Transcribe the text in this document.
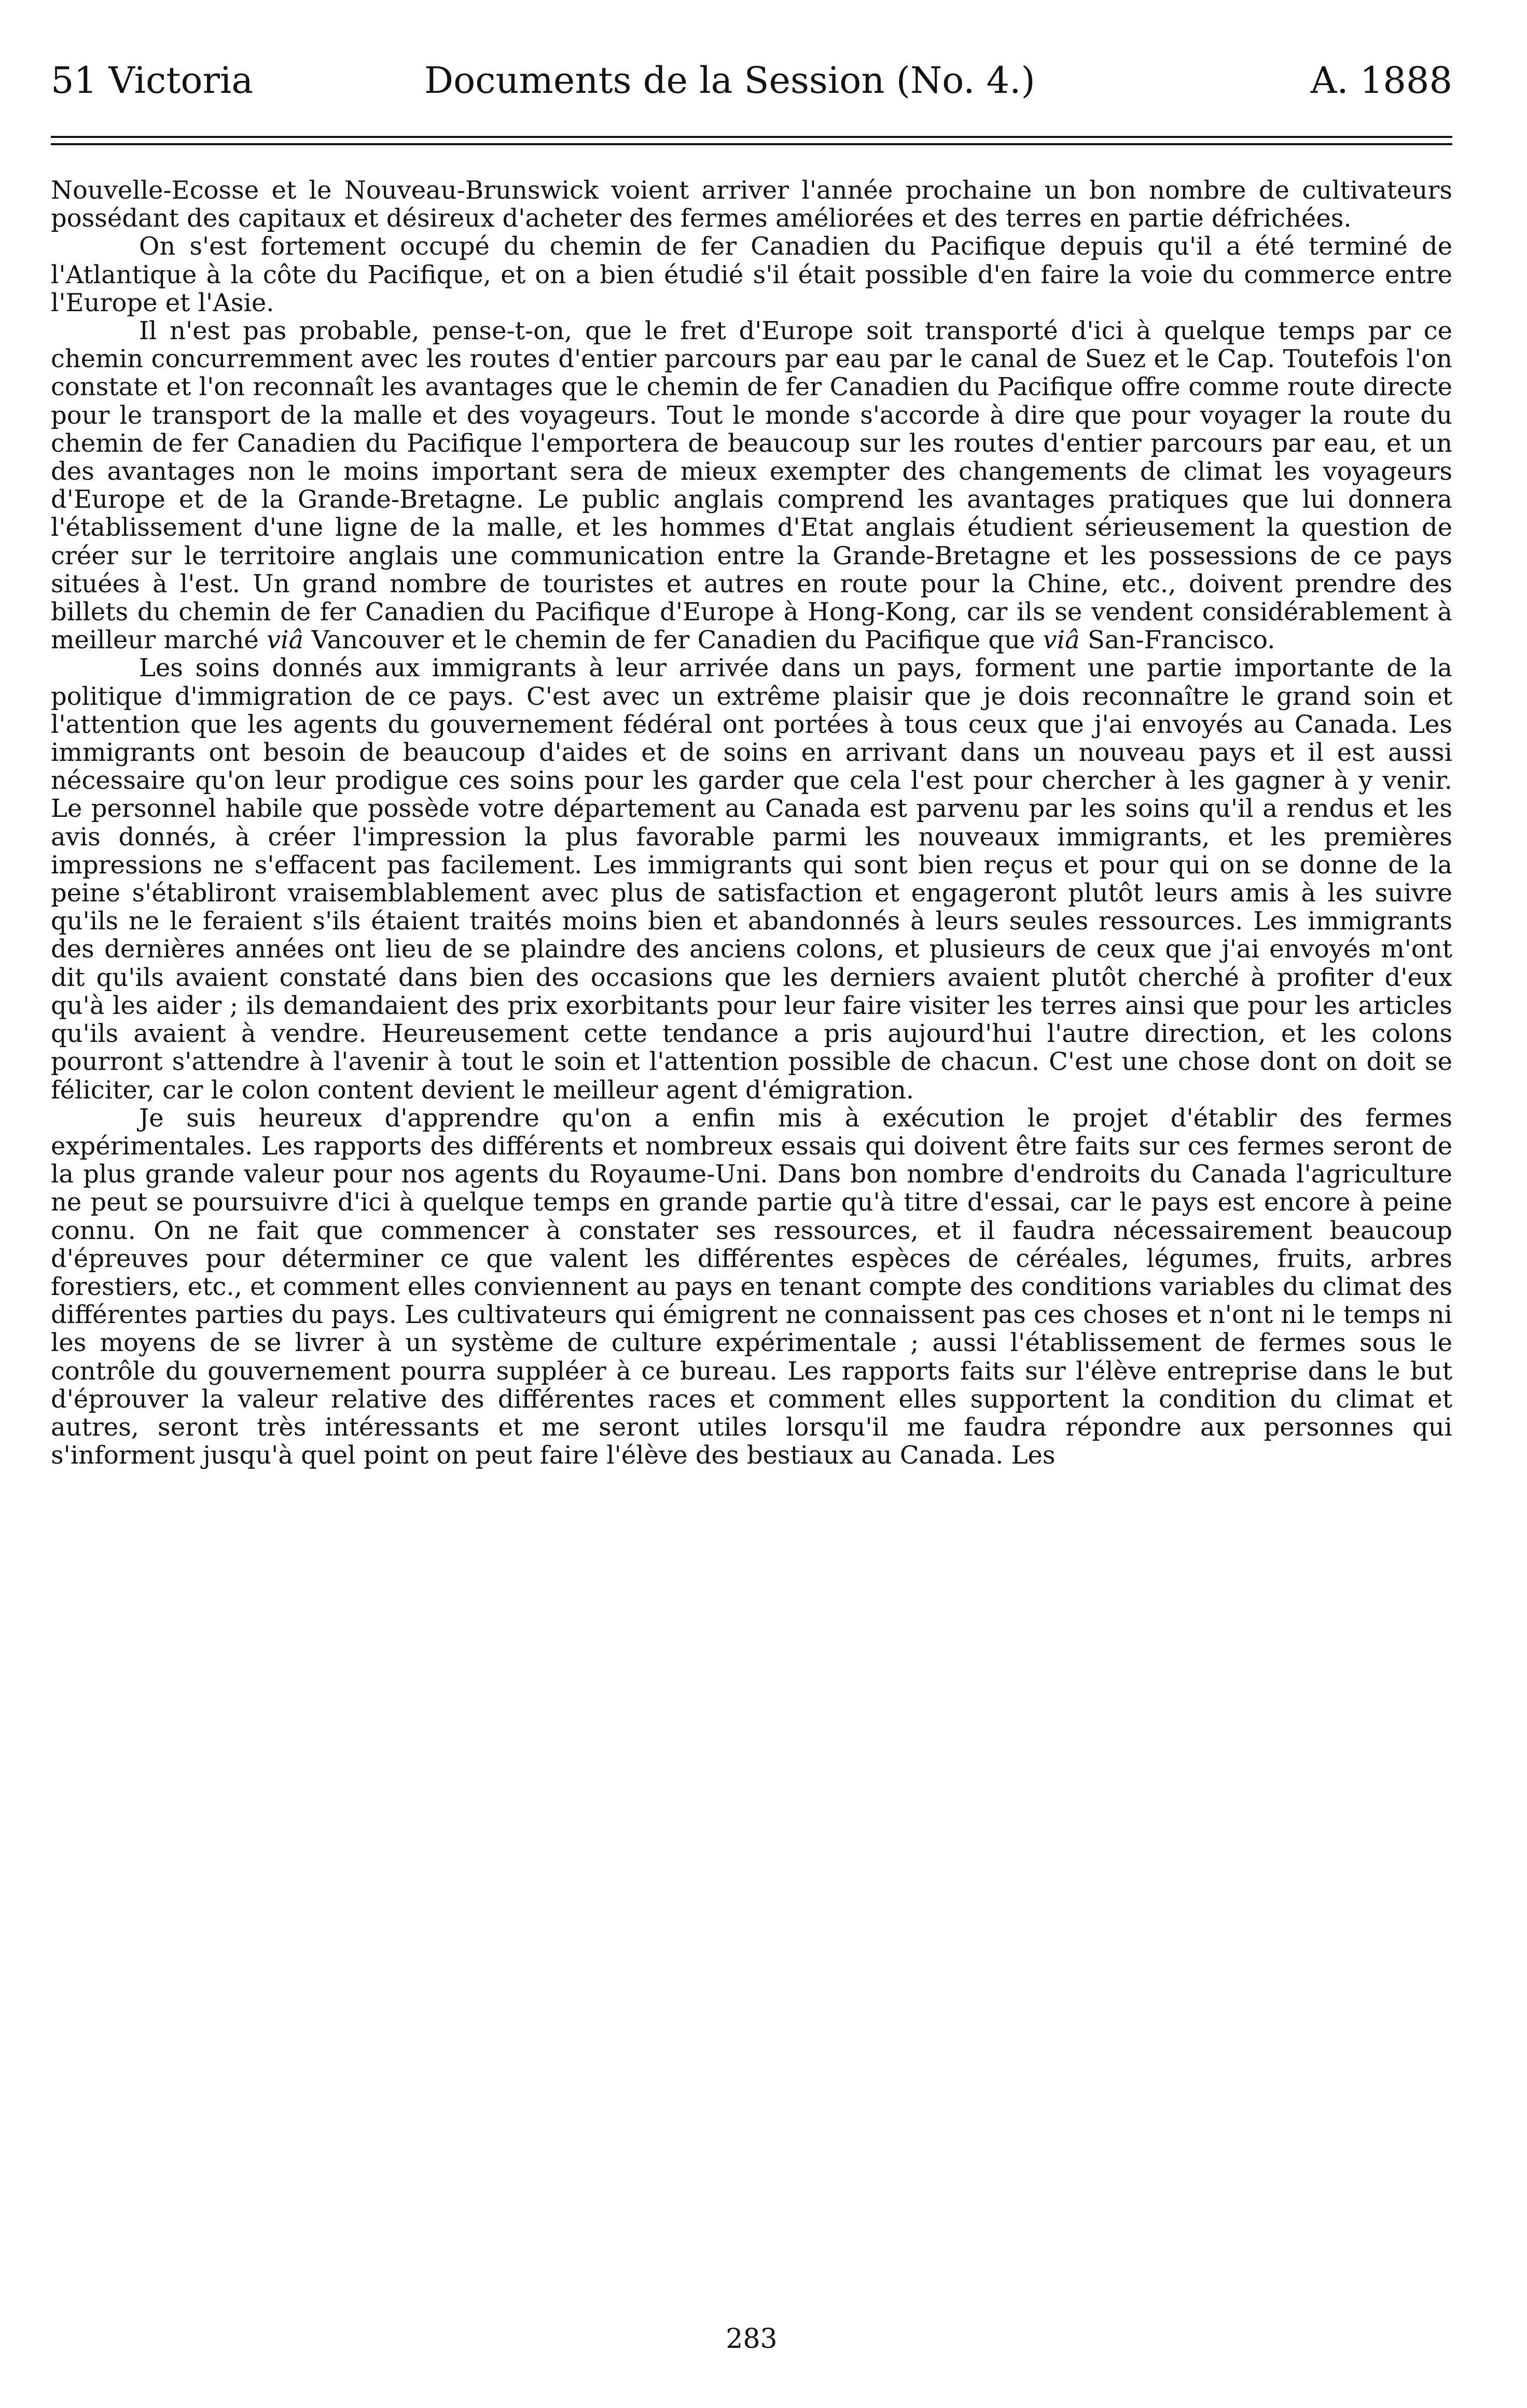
51 Victoria	Documents de la Session (No. 4.)	A. 1888

Nouvelle-Ecosse et le Nouveau-Brunswick voient arriver l'année prochaine un bon nombre de cultivateurs possédant des capitaux et désireux d'acheter des fermes améliorées et des terres en partie défrichées.

On s'est fortement occupé du chemin de fer Canadien du Pacifique depuis qu'il a été terminé de l'Atlantique à la côte du Pacifique, et on a bien étudié s'il était possible d'en faire la voie du commerce entre l'Europe et l'Asie.

Il n'est pas probable, pense-t-on, que le fret d'Europe soit transporté d'ici à quelque temps par ce chemin concurremment avec les routes d'entier parcours par eau par le canal de Suez et le Cap. Toutefois l'on constate et l'on reconnaît les avantages que le chemin de fer Canadien du Pacifique offre comme route directe pour le transport de la malle et des voyageurs. Tout le monde s'accorde à dire que pour voyager la route du chemin de fer Canadien du Pacifique l'emportera de beaucoup sur les routes d'entier parcours par eau, et un des avantages non le moins important sera de mieux exempter des changements de climat les voyageurs d'Europe et de la Grande-Bretagne. Le public anglais comprend les avantages pratiques que lui donnera l'établissement d'une ligne de la malle, et les hommes d'Etat anglais étudient sérieusement la question de créer sur le territoire anglais une communication entre la Grande-Bretagne et les possessions de ce pays situées à l'est. Un grand nombre de touristes et autres en route pour la Chine, etc., doivent prendre des billets du chemin de fer Canadien du Pacifique d'Europe à Hong-Kong, car ils se vendent considérablement à meilleur marché viâ Vancouver et le chemin de fer Canadien du Pacifique que viâ San-Francisco.

Les soins donnés aux immigrants à leur arrivée dans un pays, forment une partie importante de la politique d'immigration de ce pays. C'est avec un extrême plaisir que je dois reconnaître le grand soin et l'attention que les agents du gouvernement fédéral ont portées à tous ceux que j'ai envoyés au Canada. Les immigrants ont besoin de beaucoup d'aides et de soins en arrivant dans un nouveau pays et il est aussi nécessaire qu'on leur prodigue ces soins pour les garder que cela l'est pour chercher à les gagner à y venir. Le personnel habile que possède votre département au Canada est parvenu par les soins qu'il a rendus et les avis donnés, à créer l'impression la plus favorable parmi les nouveaux immigrants, et les premières impressions ne s'effacent pas facilement. Les immigrants qui sont bien reçus et pour qui on se donne de la peine s'établiront vraisemblablement avec plus de satisfaction et engageront plutôt leurs amis à les suivre qu'ils ne le feraient s'ils étaient traités moins bien et abandonnés à leurs seules ressources. Les immigrants des dernières années ont lieu de se plaindre des anciens colons, et plusieurs de ceux que j'ai envoyés m'ont dit qu'ils avaient constaté dans bien des occasions que les derniers avaient plutôt cherché à profiter d'eux qu'à les aider ; ils demandaient des prix exorbitants pour leur faire visiter les terres ainsi que pour les articles qu'ils avaient à vendre. Heureusement cette tendance a pris aujourd'hui l'autre direction, et les colons pourront s'attendre à l'avenir à tout le soin et l'attention possible de chacun. C'est une chose dont on doit se féliciter, car le colon content devient le meilleur agent d'émigration.

Je suis heureux d'apprendre qu'on a enfin mis à exécution le projet d'établir des fermes expérimentales. Les rapports des différents et nombreux essais qui doivent être faits sur ces fermes seront de la plus grande valeur pour nos agents du Royaume-Uni. Dans bon nombre d'endroits du Canada l'agriculture ne peut se poursuivre d'ici à quelque temps en grande partie qu'à titre d'essai, car le pays est encore à peine connu. On ne fait que commencer à constater ses ressources, et il faudra nécessairement beaucoup d'épreuves pour déterminer ce que valent les différentes espèces de céréales, légumes, fruits, arbres forestiers, etc., et comment elles conviennent au pays en tenant compte des conditions variables du climat des différentes parties du pays. Les cultivateurs qui émigrent ne connaissent pas ces choses et n'ont ni le temps ni les moyens de se livrer à un système de culture expérimentale ; aussi l'établissement de fermes sous le contrôle du gouvernement pourra suppléer à ce bureau. Les rapports faits sur l'élève entreprise dans le but d'éprouver la valeur relative des différentes races et comment elles supportent la condition du climat et autres, seront très intéressants et me seront utiles lorsqu'il me faudra répondre aux personnes qui s'informent jusqu'à quel point on peut faire l'élève des bestiaux au Canada. Les

283
